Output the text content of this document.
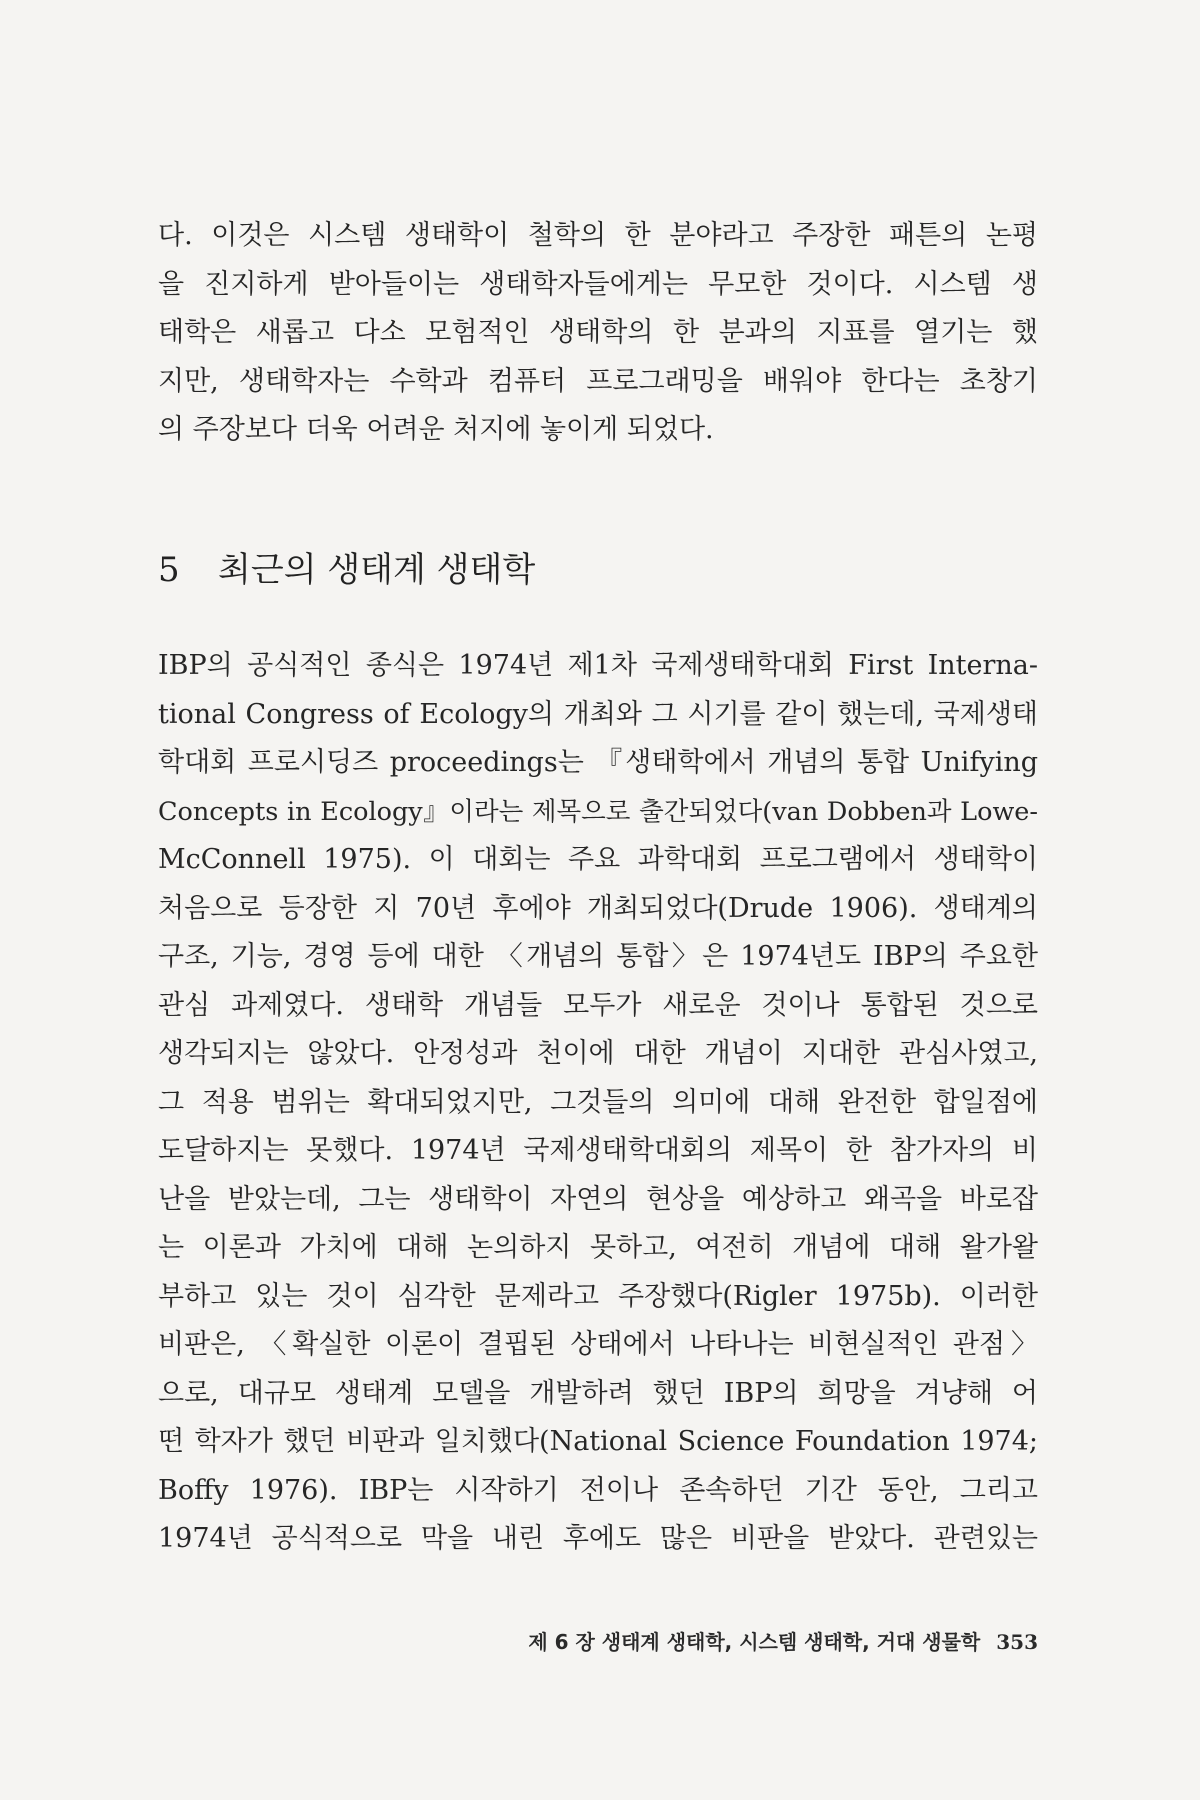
다. 이것은 시스템 생태학이 철학의 한 분야라고 주장한 패튼의 논평
을 진지하게 받아들이는 생태학자들에게는 무모한 것이다. 시스템 생
태학은 새롭고 다소 모험적인 생태학의 한 분과의 지표를 열기는 했
지만, 생태학자는 수학과 컴퓨터 프로그래밍을 배워야 한다는 초창기
의 주장보다 더욱 어려운 처지에 놓이게 되었다.
5 최근의 생태계 생태학
IBP의 공식적인 종식은 1974년 제1차 국제생태학대회 First Interna-
tional Congress of Ecology의 개최와 그 시기를 같이 했는데, 국제생태
학대회 프로시딩즈 proceedings는 『생태학에서 개념의 통합 Unifying
Concepts in Ecology』이라는 제목으로 출간되었다(van Dobben과 Lowe-
McConnell 1975). 이 대회는 주요 과학대회 프로그램에서 생태학이
처음으로 등장한 지 70년 후에야 개최되었다(Drude 1906). 생태계의
구조, 기능, 경영 등에 대한 〈개념의 통합〉은 1974년도 IBP의 주요한
관심 과제였다. 생태학 개념들 모두가 새로운 것이나 통합된 것으로
생각되지는 않았다. 안정성과 천이에 대한 개념이 지대한 관심사였고,
그 적용 범위는 확대되었지만, 그것들의 의미에 대해 완전한 합일점에
도달하지는 못했다. 1974년 국제생태학대회의 제목이 한 참가자의 비
난을 받았는데, 그는 생태학이 자연의 현상을 예상하고 왜곡을 바로잡
는 이론과 가치에 대해 논의하지 못하고, 여전히 개념에 대해 왈가왈
부하고 있는 것이 심각한 문제라고 주장했다(Rigler 1975b). 이러한
비판은, 〈확실한 이론이 결핍된 상태에서 나타나는 비현실적인 관점〉
으로, 대규모 생태계 모델을 개발하려 했던 IBP의 희망을 겨냥해 어
떤 학자가 했던 비판과 일치했다(National Science Foundation 1974;
Boffy 1976). IBP는 시작하기 전이나 존속하던 기간 동안, 그리고
1974년 공식적으로 막을 내린 후에도 많은 비판을 받았다. 관련있는
제 6 장 생태계 생태학, 시스템 생태학, 거대 생물학 353
